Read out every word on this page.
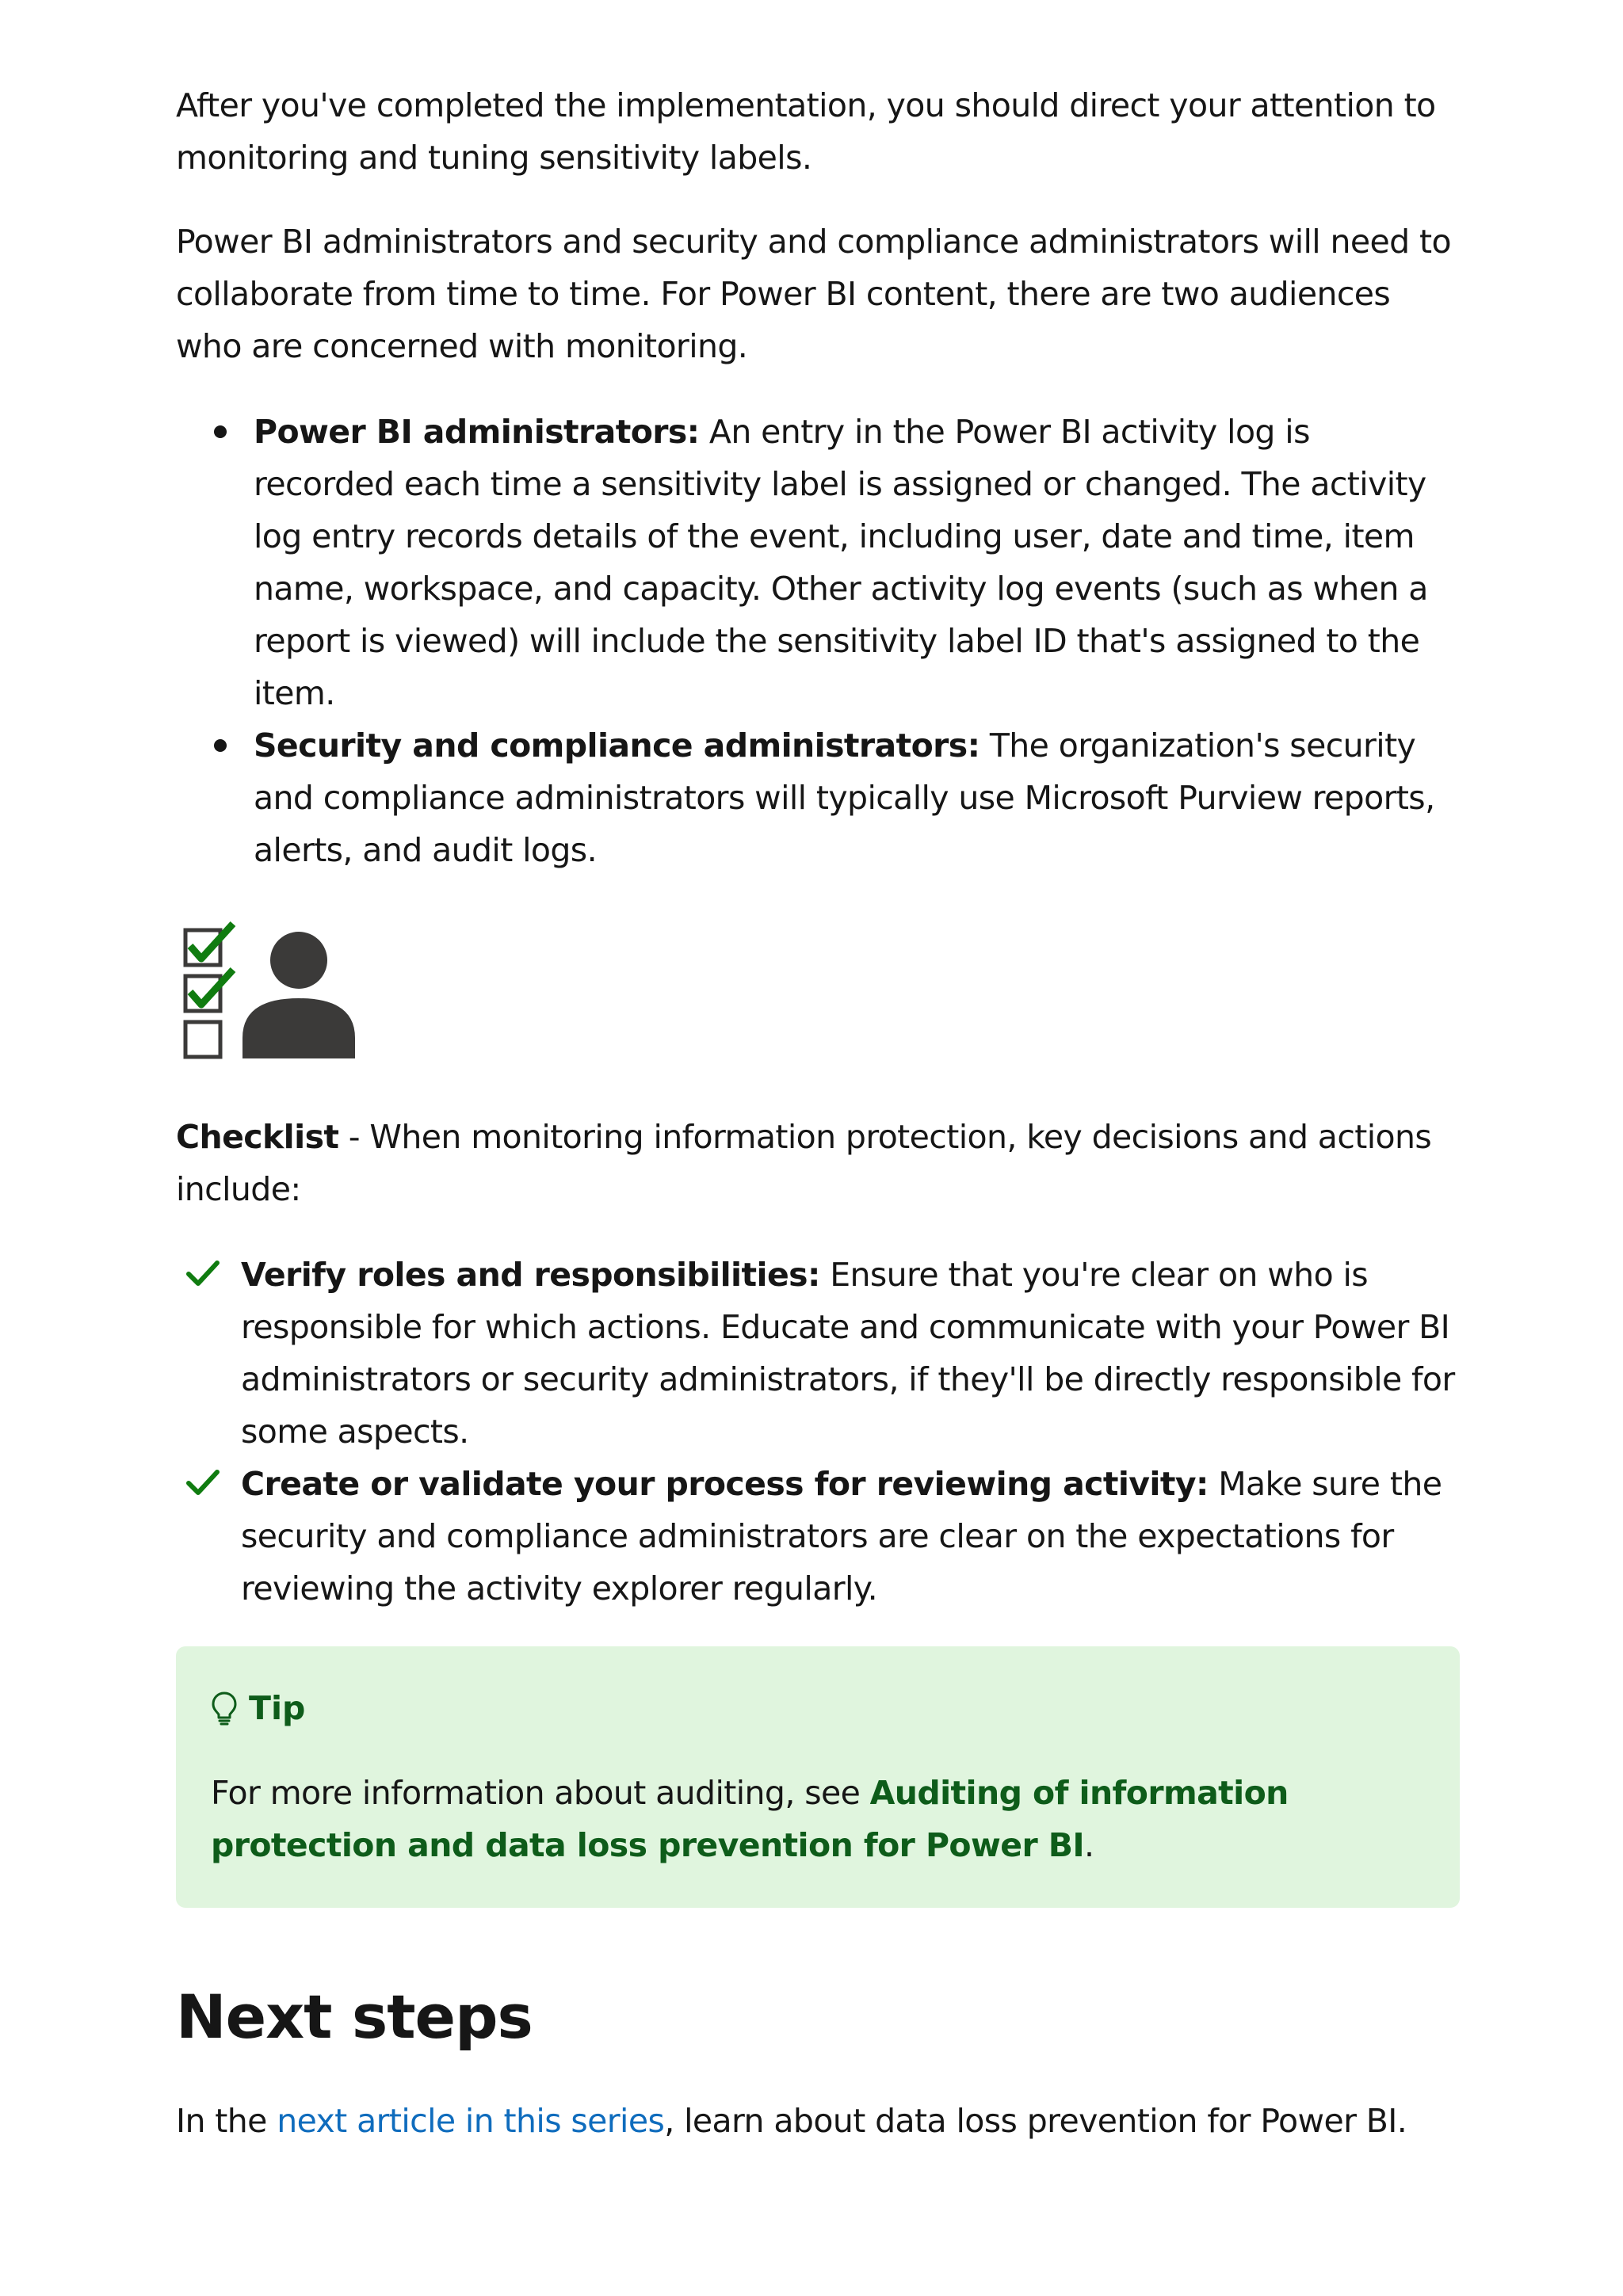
After you've completed the implementation, you should direct your attention to monitoring and tuning sensitivity labels.

Power BI administrators and security and compliance administrators will need to collaborate from time to time. For Power BI content, there are two audiences who are concerned with monitoring.

Power BI administrators: An entry in the Power BI activity log is recorded each time a sensitivity label is assigned or changed. The activity log entry records details of the event, including user, date and time, item name, workspace, and capacity. Other activity log events (such as when a report is viewed) will include the sensitivity label ID that's assigned to the item.
Security and compliance administrators: The organization's security and compliance administrators will typically use Microsoft Purview reports, alerts, and audit logs.

Checklist - When monitoring information protection, key decisions and actions include:

Verify roles and responsibilities: Ensure that you're clear on who is responsible for which actions. Educate and communicate with your Power BI administrators or security administrators, if they'll be directly responsible for some aspects.
Create or validate your process for reviewing activity: Make sure the security and compliance administrators are clear on the expectations for reviewing the activity explorer regularly.
Tip

For more information about auditing, see Auditing of information protection and data loss prevention for Power BI.

Next steps

In the next article in this series, learn about data loss prevention for Power BI.
